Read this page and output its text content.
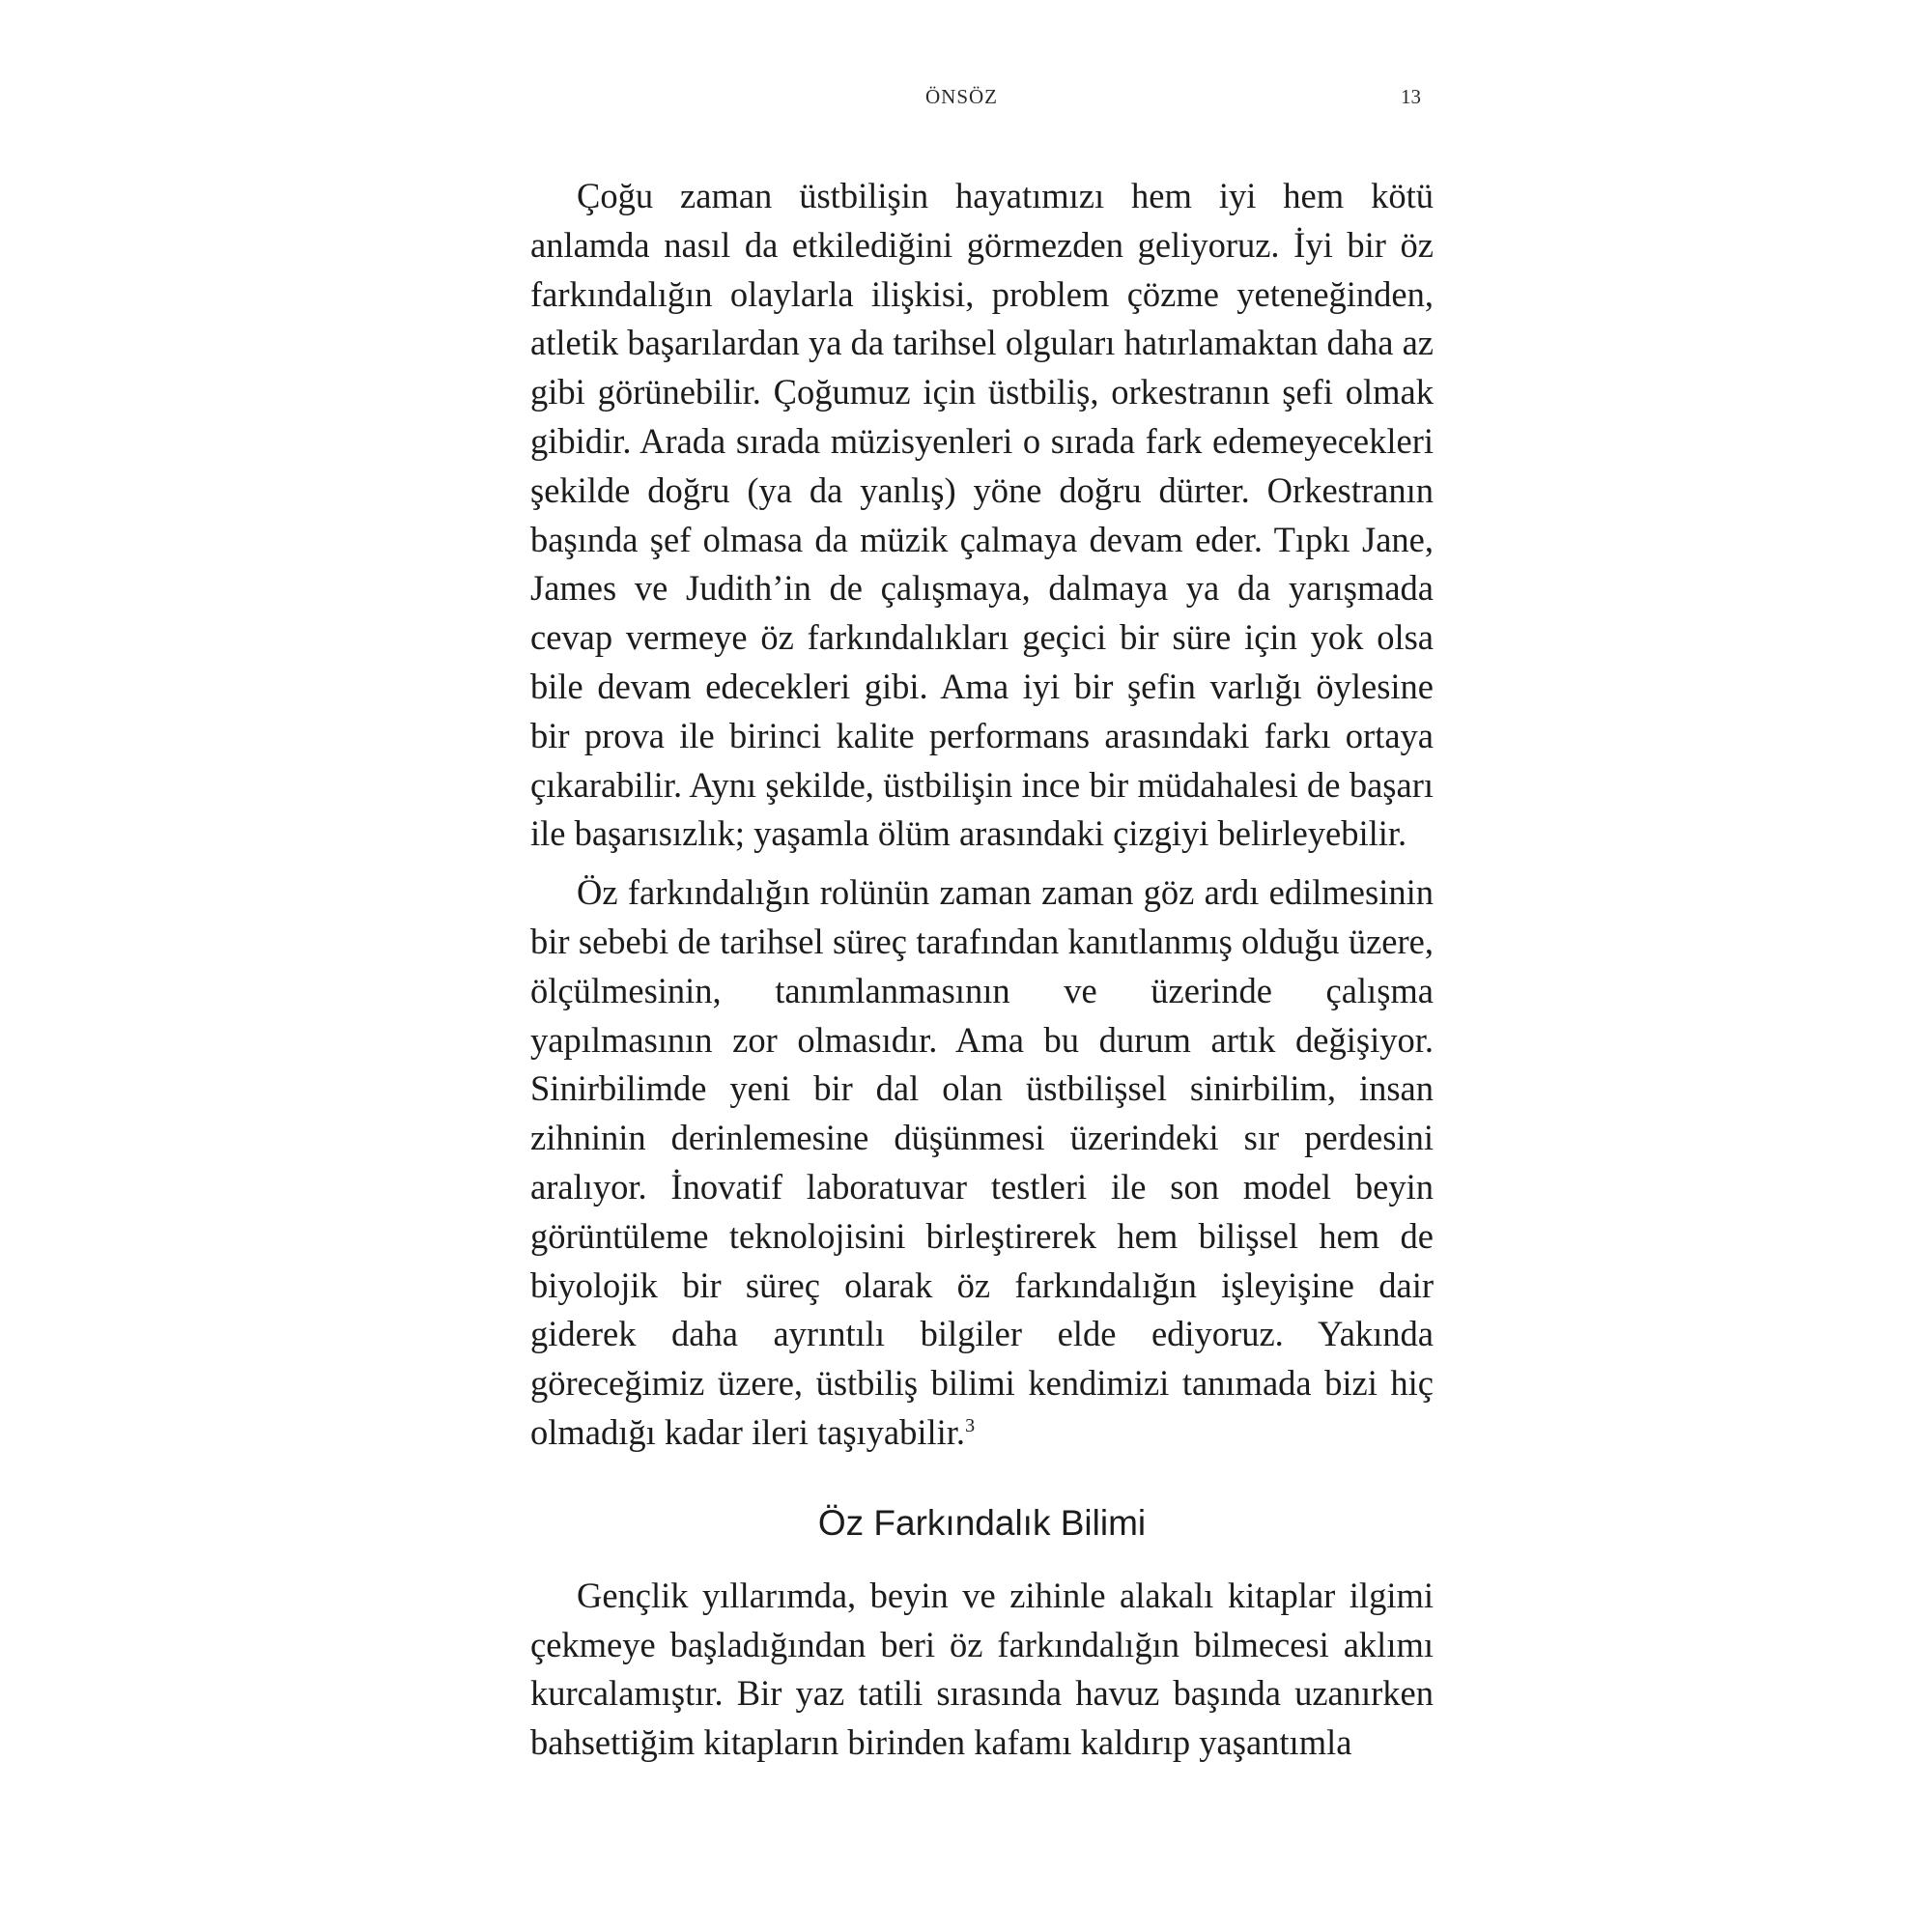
ÖNSÖZ	13

Çoğu zaman üstbilişin hayatımızı hem iyi hem kötü anlamda nasıl da etkilediğini görmezden geliyoruz. İyi bir öz farkındalığın olaylarla ilişkisi, problem çözme yeteneğinden, atletik başarılardan ya da tarihsel olguları hatırlamaktan daha az gibi görünebilir. Çoğumuz için üstbiliş, orkestranın şefi olmak gibidir. Arada sırada müzisyenleri o sırada fark edemeyecekleri şekilde doğru (ya da yanlış) yöne doğru dürter. Orkestranın başında şef olmasa da müzik çalmaya devam eder. Tıpkı Jane, James ve Judith’in de çalışmaya, dalmaya ya da yarışmada cevap vermeye öz farkındalıkları geçici bir süre için yok olsa bile devam edecekleri gibi. Ama iyi bir şefin varlığı öylesine bir prova ile birinci kalite performans arasındaki farkı ortaya çıkarabilir. Aynı şekilde, üstbilişin ince bir müdahalesi de başarı ile başarısızlık; yaşamla ölüm arasındaki çizgiyi belirleyebilir.

Öz farkındalığın rolünün zaman zaman göz ardı edilmesinin bir sebebi de tarihsel süreç tarafından kanıtlanmış olduğu üzere, ölçülmesinin, tanımlanmasının ve üzerinde çalışma yapılmasının zor olmasıdır. Ama bu durum artık değişiyor. Sinirbilimde yeni bir dal olan üstbilişsel sinirbilim, insan zihninin derinlemesine düşünmesi üzerindeki sır perdesini aralıyor. İnovatif laboratuvar testleri ile son model beyin görüntüleme teknolojisini birleştirerek hem bilişsel hem de biyolojik bir süreç olarak öz farkındalığın işleyişine dair giderek daha ayrıntılı bilgiler elde ediyoruz. Yakında göreceğimiz üzere, üstbiliş bilimi kendimizi tanımada bizi hiç olmadığı kadar ileri taşıyabilir.$^3$

Öz Farkındalık Bilimi

Gençlik yıllarımda, beyin ve zihinle alakalı kitaplar ilgimi çekmeye başladığından beri öz farkındalığın bilmecesi aklımı kurcalamıştır. Bir yaz tatili sırasında havuz başında uzanırken bahsettiğim kitapların birinden kafamı kaldırıp yaşantımla
